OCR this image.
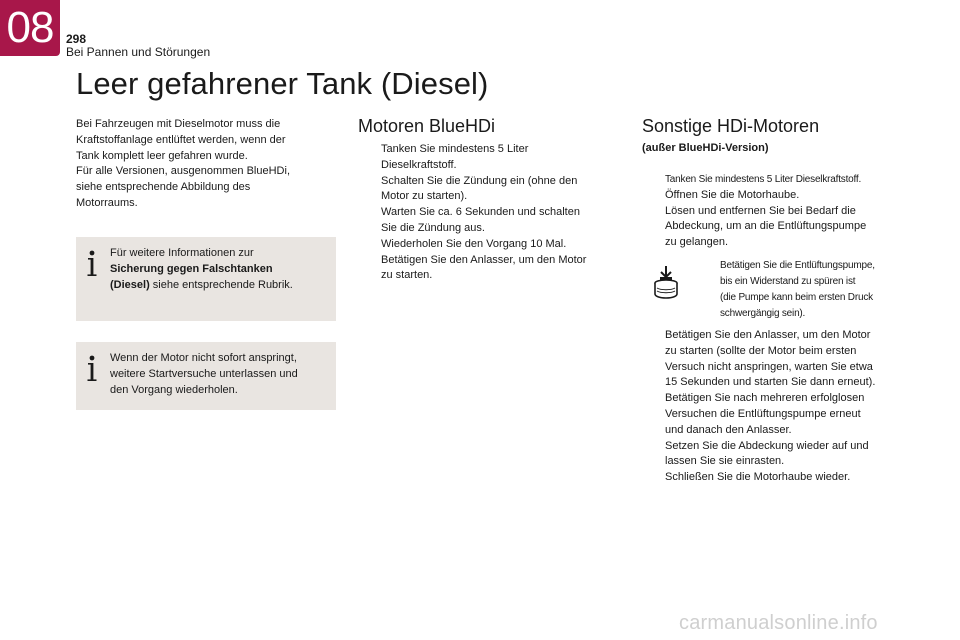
08	298
Bei Pannen und Störungen
Leer gefahrener Tank (Diesel)
Bei Fahrzeugen mit Dieselmotor muss die
Kraftstoffanlage entlüftet werden, wenn der
Tank komplett leer gefahren wurde.
Für alle Versionen, ausgenommen BlueHDi,
siehe entsprechende Abbildung des
Motorraums.
Für weitere Informationen zur
Sicherung gegen Falschtanken
(Diesel) siehe entsprechende Rubrik.
Wenn der Motor nicht sofort anspringt,
weitere Startversuche unterlassen und
den Vorgang wiederholen.
Motoren BlueHDi
Tanken Sie mindestens 5 Liter
Dieselkraftstoff.
Schalten Sie die Zündung ein (ohne den
Motor zu starten).
Warten Sie ca. 6 Sekunden und schalten
Sie die Zündung aus.
Wiederholen Sie den Vorgang 10 Mal.
Betätigen Sie den Anlasser, um den Motor
zu starten.
Sonstige HDi-Motoren
(außer BlueHDi-Version)
Tanken Sie mindestens 5 Liter Dieselkraftstoff.
Öffnen Sie die Motorhaube.
Lösen und entfernen Sie bei Bedarf die
Abdeckung, um an die Entlüftungspumpe
zu gelangen.
Betätigen Sie die Entlüftungspumpe,
bis ein Widerstand zu spüren ist
(die Pumpe kann beim ersten Druck
schwergängig sein).
Betätigen Sie den Anlasser, um den Motor
zu starten (sollte der Motor beim ersten
Versuch nicht anspringen, warten Sie etwa
15 Sekunden und starten Sie dann erneut).
Betätigen Sie nach mehreren erfolglosen
Versuchen die Entlüftungspumpe erneut
und danach den Anlasser.
Setzen Sie die Abdeckung wieder auf und
lassen Sie sie einrasten.
Schließen Sie die Motorhaube wieder.
carmanualsonline.info
